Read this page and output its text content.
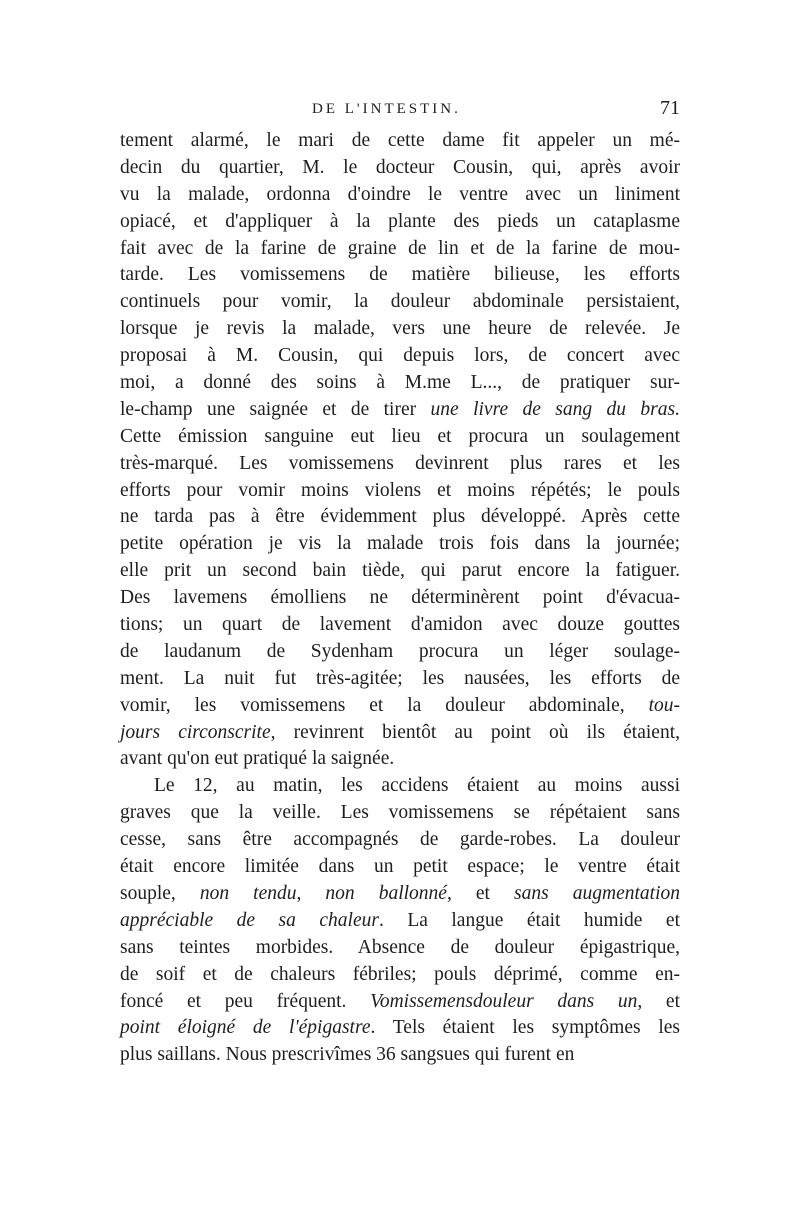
DE L'INTESTIN.	71
tement alarmé, le mari de cette dame fit appeler un mé-
decin du quartier, M. le docteur Cousin, qui, après avoir
vu la malade, ordonna d'oindre le ventre avec un liniment
opiacé, et d'appliquer à la plante des pieds un cataplasme
fait avec de la farine de graine de lin et de la farine de mou-
tarde. Les vomissemens de matière bilieuse, les efforts
continuels pour vomir, la douleur abdominale persistaient,
lorsque je revis la malade, vers une heure de relevée. Je
proposai à M. Cousin, qui depuis lors, de concert avec
moi, a donné des soins à M.me L..., de pratiquer sur-
le-champ une saignée et de tirer une livre de sang du bras.
Cette émission sanguine eut lieu et procura un soulagement
très-marqué. Les vomissemens devinrent plus rares et les
efforts pour vomir moins violens et moins répétés; le pouls
ne tarda pas à être évidemment plus développé. Après cette
petite opération je vis la malade trois fois dans la journée;
elle prit un second bain tiède, qui parut encore la fatiguer.
Des lavemens émolliens ne déterminèrent point d'évacua-
tions; un quart de lavement d'amidon avec douze gouttes
de laudanum de Sydenham procura un léger soulage-
ment. La nuit fut très-agitée; les nausées, les efforts de
vomir, les vomissemens et la douleur abdominale, tou-
jours circonscrite, revinrent bientôt au point où ils étaient,
avant qu'on eut pratiqué la saignée.
Le 12, au matin, les accidens étaient au moins aussi
graves que la veille. Les vomissemens se répétaient sans
cesse, sans être accompagnés de garde-robes. La douleur
était encore limitée dans un petit espace; le ventre était
souple, non tendu, non ballonné, et sans augmentation
appréciable de sa chaleur. La langue était humide et
sans teintes morbides. Absence de douleur épigastrique,
de soif et de chaleurs fébriles; pouls déprimé, comme en-
foncé et peu fréquent. Vomissemensdouleur dans un, et
point éloigné de l'épigastre. Tels étaient les symptômes les
plus saillans. Nous prescrivîmes 36 sangsues qui furent en
